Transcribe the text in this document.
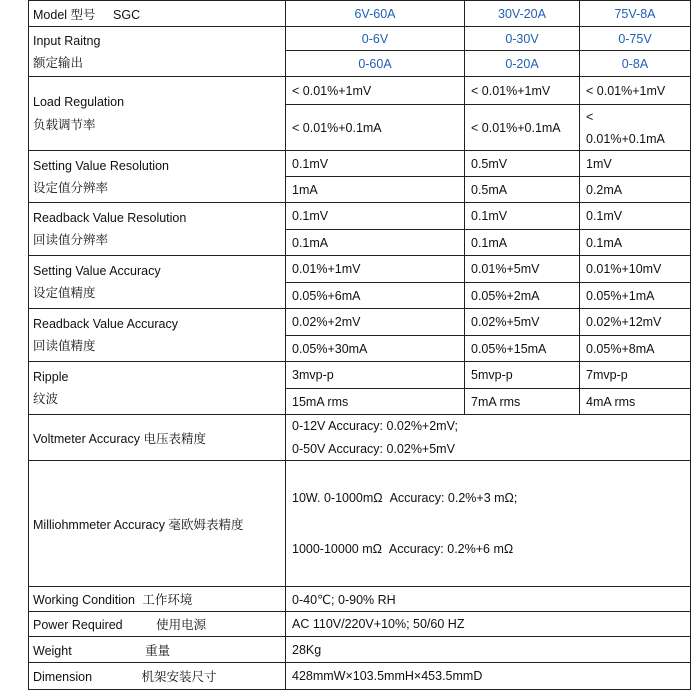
Model 型号 SGC	6V-60A	30V-20A	75V-8A

Input Raitng
额定输出	0-6V	0-30V	0-75V
	0-60A	0-20A	0-8A

Load Regulation
负载调节率	< 0.01%+1mV	< 0.01%+1mV	< 0.01%+1mV
	< 0.01%+0.1mA	< 0.01%+0.1mA	<
0.01%+0.1mA

Setting Value Resolution
设定值分辨率	0.1mV	0.5mV	1mV
	1mA	0.5mA	0.2mA

Readback Value Resolution
回读值分辨率	0.1mV	0.1mV	0.1mV
	0.1mA	0.1mA	0.1mA

Setting Value Accuracy
设定值精度	0.01%+1mV	0.01%+5mV	0.01%+10mV
	0.05%+6mA	0.05%+2mA	0.05%+1mA

Readback Value Accuracy
回读值精度	0.02%+2mV	0.02%+5mV	0.02%+12mV
	0.05%+30mA	0.05%+15mA	0.05%+8mA

Ripple
纹波	3mvp-p	5mvp-p	7mvp-p
	15mA rms	7mA rms	4mA rms
Voltmeter Accuracy 电压表精度	0-12V Accuracy: 0.02%+2mV;
0-50V Accuracy: 0.02%+5mV		

Milliohmmeter Accuracy 毫欧姆表精度	10W. 0-1000mΩ  Accuracy: 0.2%+3 mΩ;

1000-10000 mΩ  Accuracy: 0.2%+6 mΩ		

Working Condition 工作环境	0-40℃; 0-90% RH		
Power Required 使用电源	AC 110V/220V+10%; 50/60 HZ		
Weight 重量	28Kg		
Dimension 机架安装尺寸	428mmW×103.5mmH×453.5mmD		
